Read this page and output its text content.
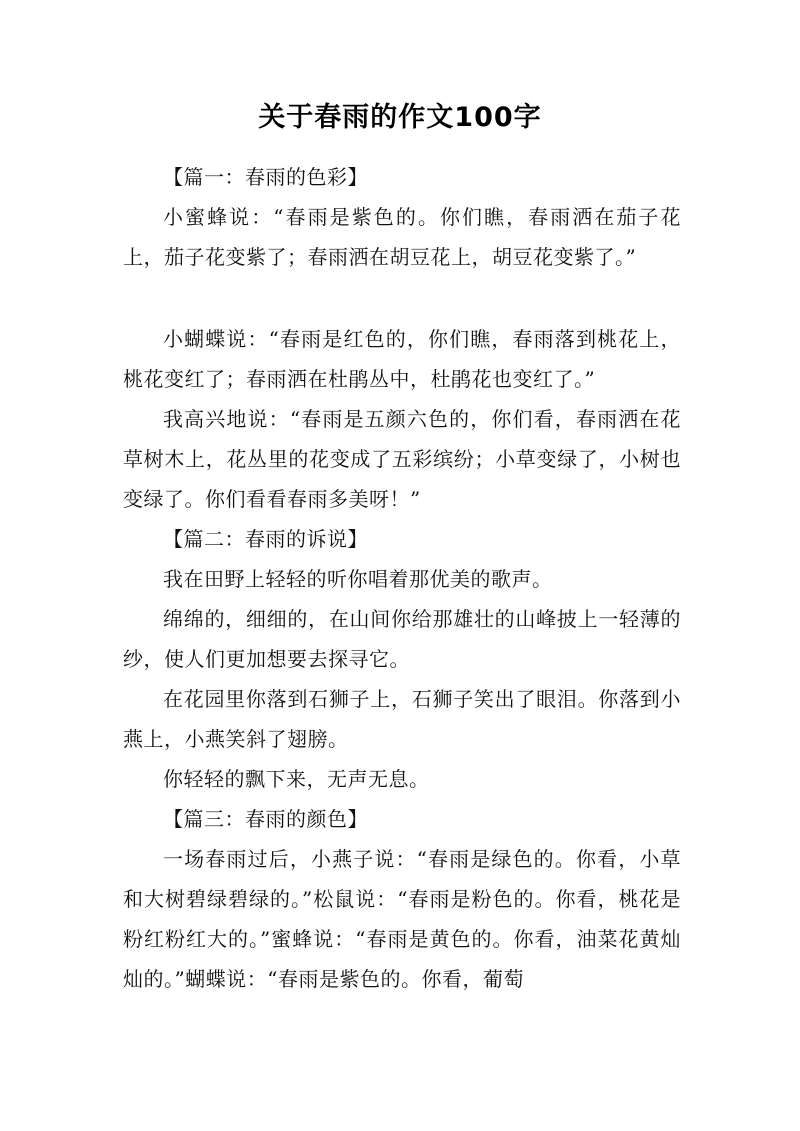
关于春雨的作文100字

【篇一：春雨的色彩】

小蜜蜂说：“春雨是紫色的。你们瞧，春雨洒在茄子花上，茄子花变紫了；春雨洒在胡豆花上，胡豆花变紫了。”

小蝴蝶说：“春雨是红色的，你们瞧，春雨落到桃花上，桃花变红了；春雨洒在杜鹃丛中，杜鹃花也变红了。”

我高兴地说：“春雨是五颜六色的，你们看，春雨洒在花草树木上，花丛里的花变成了五彩缤纷；小草变绿了，小树也变绿了。你们看看春雨多美呀！”

【篇二：春雨的诉说】

我在田野上轻轻的听你唱着那优美的歌声。

绵绵的，细细的，在山间你给那雄壮的山峰披上一轻薄的纱，使人们更加想要去探寻它。

在花园里你落到石狮子上，石狮子笑出了眼泪。你落到小燕上，小燕笑斜了翅膀。

你轻轻的飘下来，无声无息。

【篇三：春雨的颜色】

一场春雨过后，小燕子说：“春雨是绿色的。你看，小草和大树碧绿碧绿的。”松鼠说：“春雨是粉色的。你看，桃花是粉红粉红大的。”蜜蜂说：“春雨是黄色的。你看，油菜花黄灿灿的。”蝴蝶说：“春雨是紫色的。你看，葡萄
